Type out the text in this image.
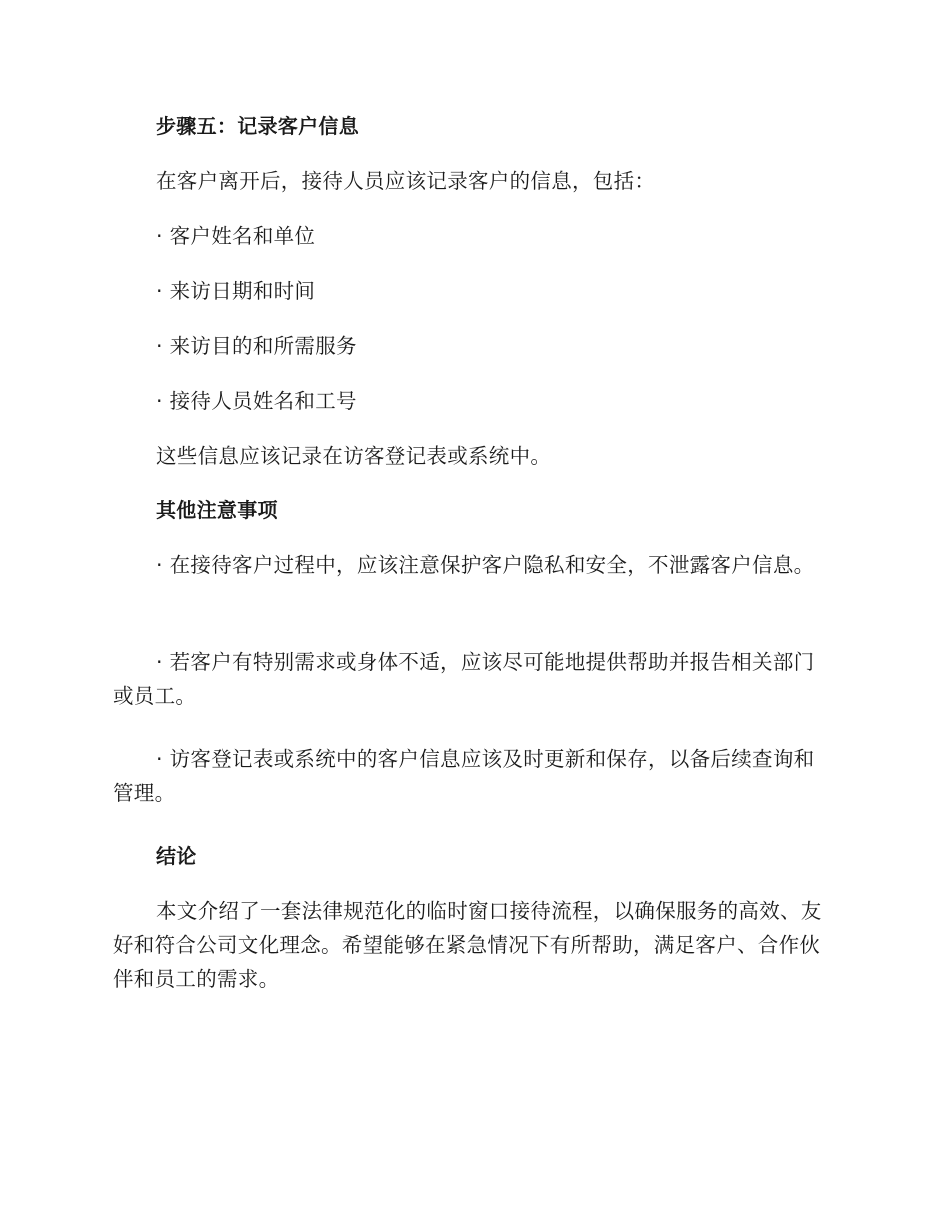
步骤五：记录客户信息

在客户离开后，接待人员应该记录客户的信息，包括：

· 客户姓名和单位

· 来访日期和时间

· 来访目的和所需服务

· 接待人员姓名和工号

这些信息应该记录在访客登记表或系统中。

其他注意事项

· 在接待客户过程中，应该注意保护客户隐私和安全，不泄露客户信息。

· 若客户有特别需求或身体不适，应该尽可能地提供帮助并报告相关部门或员工。

· 访客登记表或系统中的客户信息应该及时更新和保存，以备后续查询和管理。

结论

本文介绍了一套法律规范化的临时窗口接待流程，以确保服务的高效、友好和符合公司文化理念。希望能够在紧急情况下有所帮助，满足客户、合作伙伴和员工的需求。
